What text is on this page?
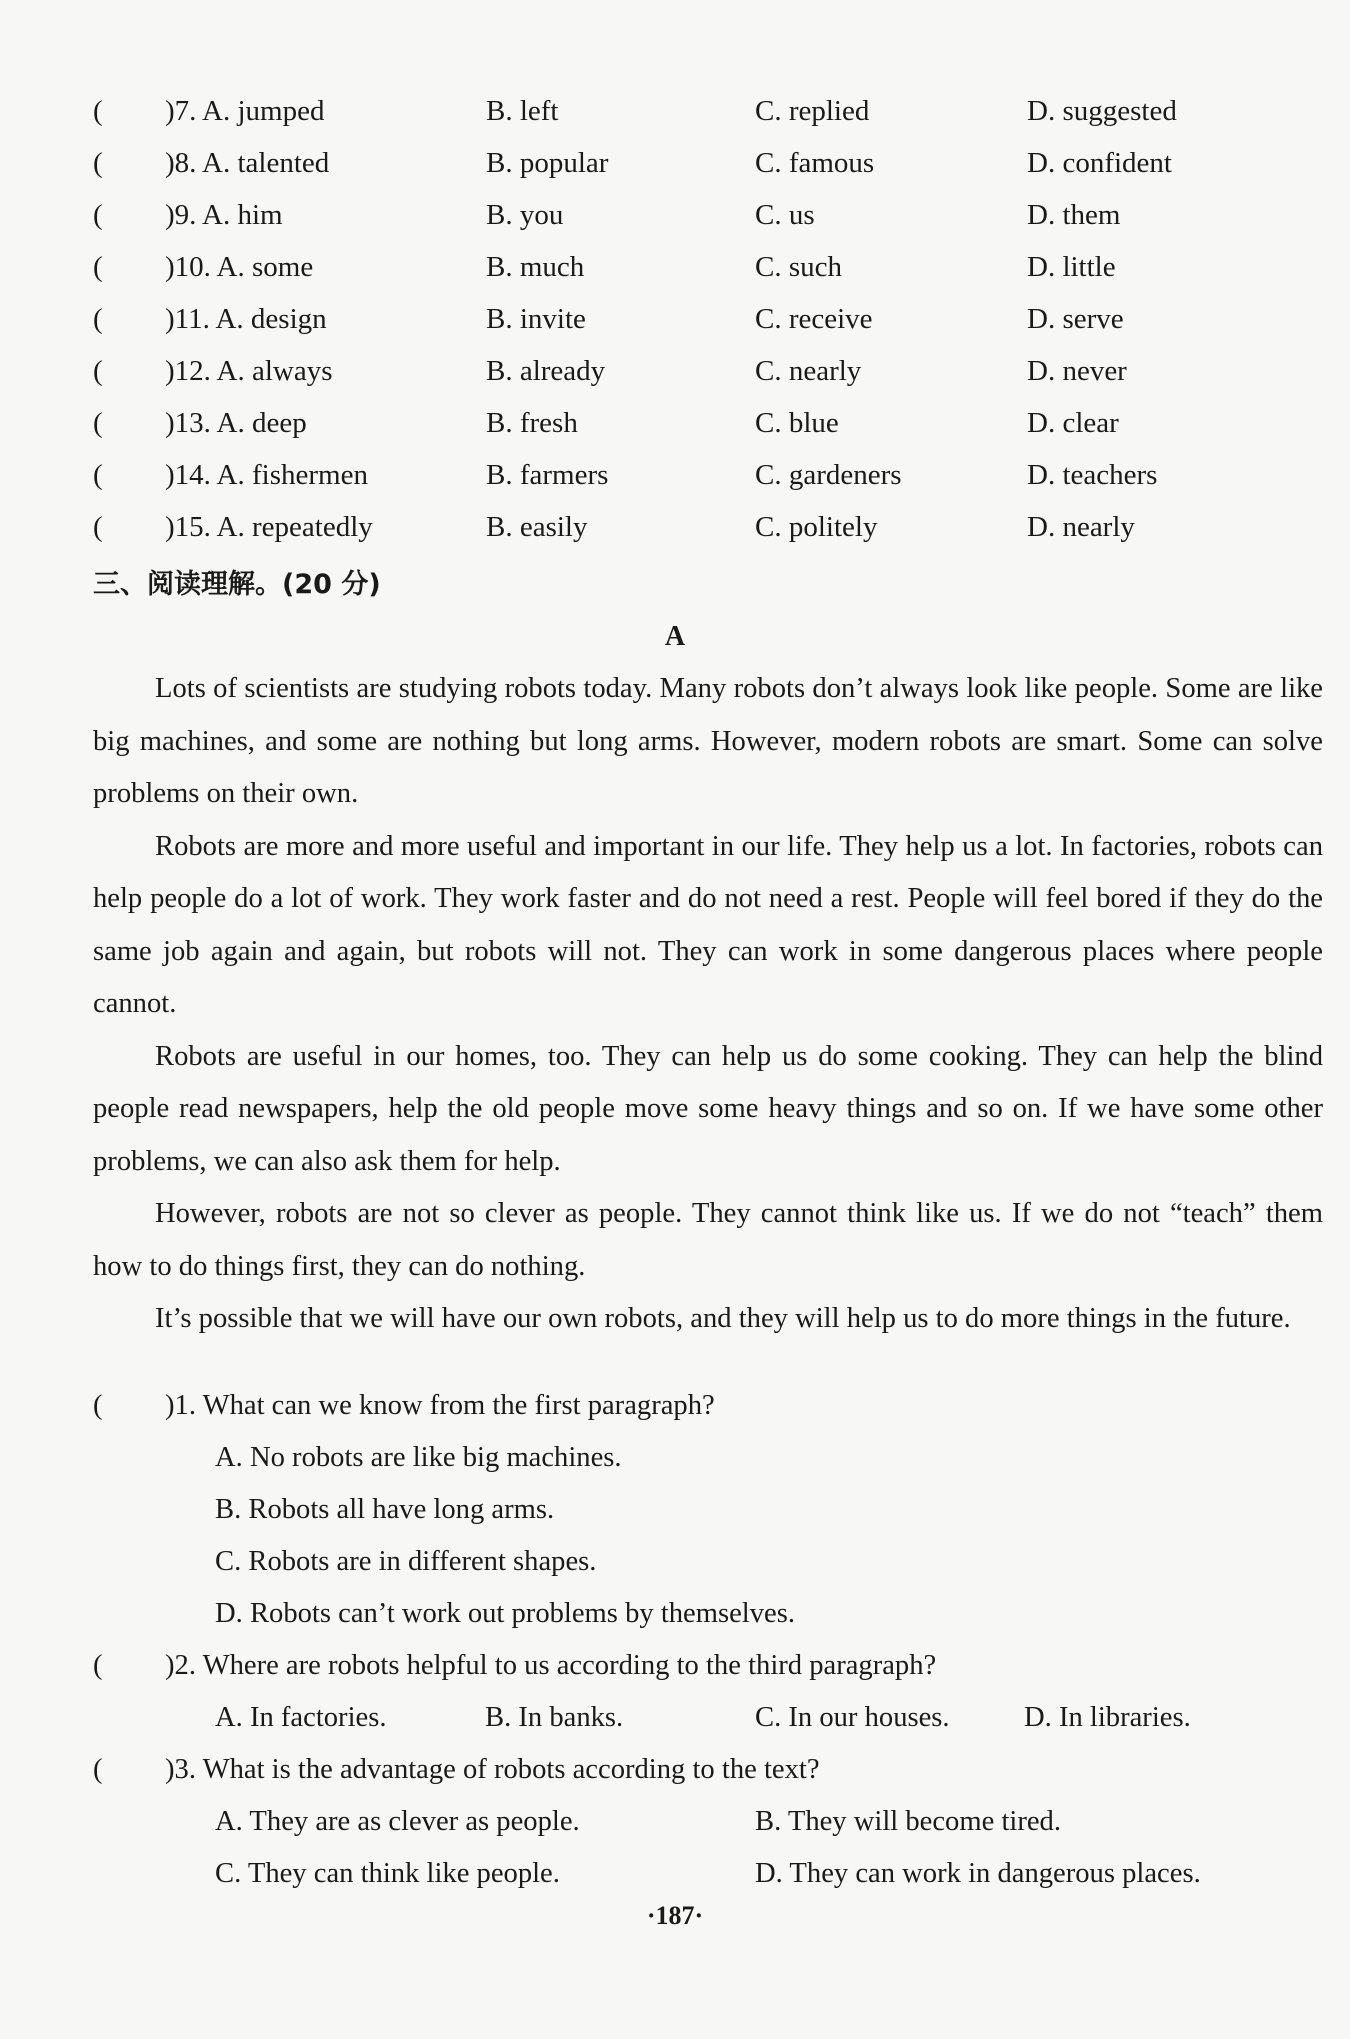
( )7. A. jumped	B. left	C. replied	D. suggested
( )8. A. talented	B. popular	C. famous	D. confident
( )9. A. him	B. you	C. us	D. them
( )10. A. some	B. much	C. such	D. little
( )11. A. design	B. invite	C. receive	D. serve
( )12. A. always	B. already	C. nearly	D. never
( )13. A. deep	B. fresh	C. blue	D. clear
( )14. A. fishermen	B. farmers	C. gardeners	D. teachers
( )15. A. repeatedly	B. easily	C. politely	D. nearly
三、阅读理解。(20 分)
A

Lots of scientists are studying robots today. Many robots don’t always look like people. Some are like big machines, and some are nothing but long arms. However, modern robots are smart. Some can solve problems on their own.

Robots are more and more useful and important in our life. They help us a lot. In factories, robots can help people do a lot of work. They work faster and do not need a rest. People will feel bored if they do the same job again and again, but robots will not. They can work in some dangerous places where people cannot.

Robots are useful in our homes, too. They can help us do some cooking. They can help the blind people read newspapers, help the old people move some heavy things and so on. If we have some other problems, we can also ask them for help.

However, robots are not so clever as people. They cannot think like us. If we do not “teach” them how to do things first, they can do nothing.

It’s possible that we will have our own robots, and they will help us to do more things in the future.

( )1. What can we know from the first paragraph?
A. No robots are like big machines.
B. Robots all have long arms.
C. Robots are in different shapes.
D. Robots can’t work out problems by themselves.
( )2. Where are robots helpful to us according to the third paragraph?
A. In factories.	B. In banks.	C. In our houses.	D. In libraries.
( )3. What is the advantage of robots according to the text?
A. They are as clever as people.	B. They will become tired.
C. They can think like people.	D. They can work in dangerous places.
·187·
